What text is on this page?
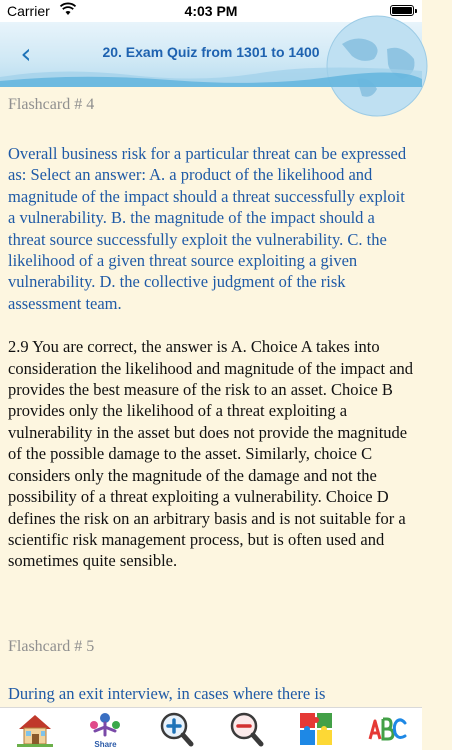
Carrier	4:03 PM
‹	20. Exam Quiz from 1301 to 1400
Flashcard # 4
Overall business risk for a particular threat can be expressed as: Select an answer: A. a product of the likelihood and magnitude of the impact should a threat successfully exploit a vulnerability. B. the magnitude of the impact should a threat source successfully exploit the vulnerability. C. the likelihood of a given threat source exploiting a given vulnerability. D. the collective judgment of the risk assessment team.
2.9 You are correct, the answer is A. Choice A takes into consideration the likelihood and magnitude of the impact and provides the best measure of the risk to an asset. Choice B provides only the likelihood of a threat exploiting a vulnerability in the asset but does not provide the magnitude of the possible damage to the asset. Similarly, choice C considers only the magnitude of the damage and not the possibility of a threat exploiting a vulnerability. Choice D defines the risk on an arbitrary basis and is not suitable for a scientific risk management process, but is often used and sometimes quite sensible.
Flashcard # 5
During an exit interview, in cases where there is
Share
